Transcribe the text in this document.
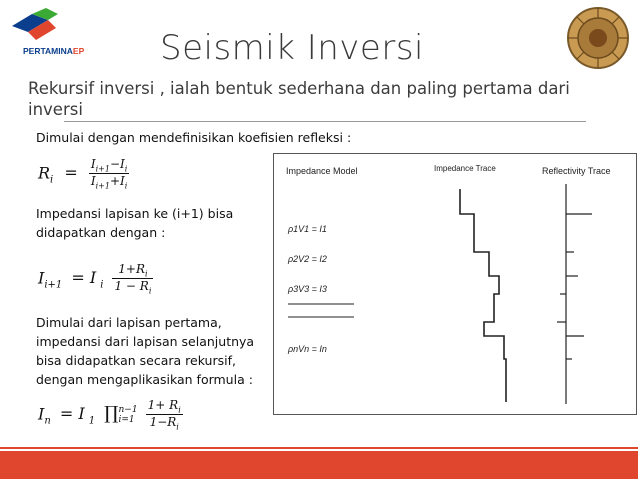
PERTAMINAEP Seismik Inversi
Rekursif inversi , ialah bentuk sederhana dan paling pertama dari inversi
Dimulai dengan mendefinisikan koefisien refleksi :
$R_i = \frac{I_{i+1}-I_i}{I_{i+1}+I_i}$
Impedansi lapisan ke (i+1) bisa didapatkan dengan :
$I_{i+1} = I$ $_i \frac{1+R_i}{1 - R_i}$
Dimulai dari lapisan pertama, impedansi dari lapisan selanjutnya bisa didapatkan secara rekursif, dengan mengaplikasikan formula :
$I_n = I$ $_1$ ∏ n−1
i=1
$\frac{1+ R_i}{1-R_i}$
Impedance Model	Impedance Trace	Reflectivity Trace
ρ1V1 = I1
ρ2V2 = I2
ρ3V3 = I3
ρnVn = In
